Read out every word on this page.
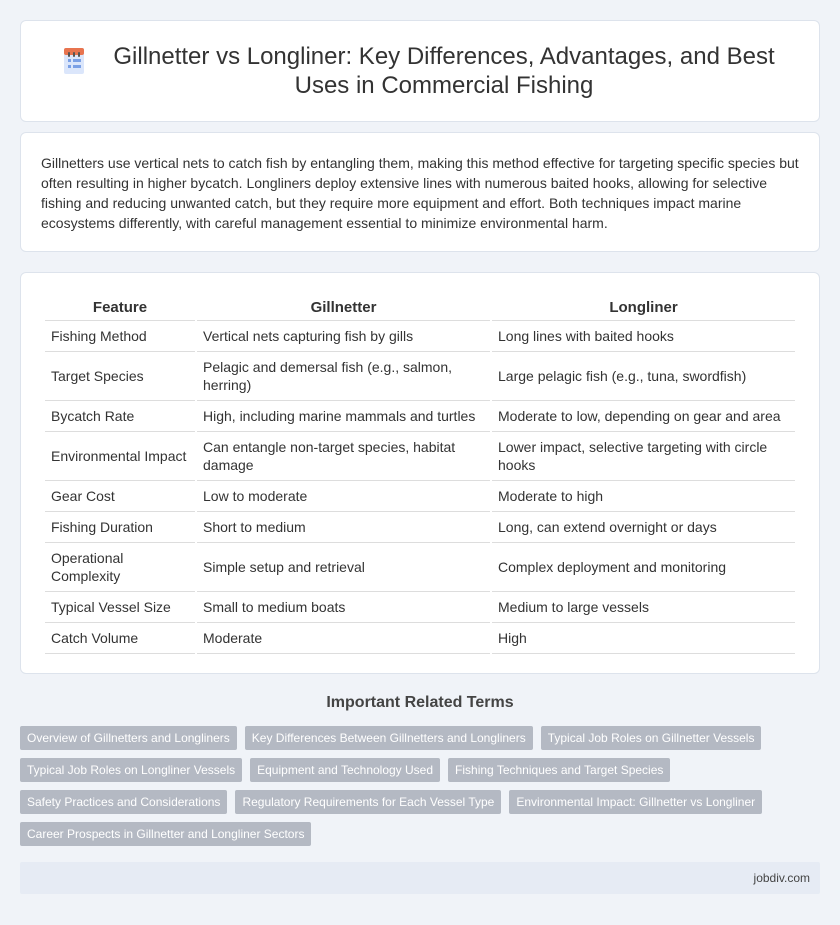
Gillnetter vs Longliner: Key Differences, Advantages, and Best Uses in Commercial Fishing

Gillnetters use vertical nets to catch fish by entangling them, making this method effective for targeting specific species but often resulting in higher bycatch. Longliners deploy extensive lines with numerous baited hooks, allowing for selective fishing and reducing unwanted catch, but they require more equipment and effort. Both techniques impact marine ecosystems differently, with careful management essential to minimize environmental harm.

Feature	Gillnetter	Longliner
Fishing Method	Vertical nets capturing fish by gills	Long lines with baited hooks
Target Species	Pelagic and demersal fish (e.g., salmon, herring)	Large pelagic fish (e.g., tuna, swordfish)
Bycatch Rate	High, including marine mammals and turtles	Moderate to low, depending on gear and area
Environmental Impact	Can entangle non-target species, habitat damage	Lower impact, selective targeting with circle hooks
Gear Cost	Low to moderate	Moderate to high
Fishing Duration	Short to medium	Long, can extend overnight or days
Operational Complexity	Simple setup and retrieval	Complex deployment and monitoring
Typical Vessel Size	Small to medium boats	Medium to large vessels
Catch Volume	Moderate	High
Important Related Terms
Overview of Gillnetters and Longliners	Key Differences Between Gillnetters and Longliners	Typical Job Roles on Gillnetter Vessels
Typical Job Roles on Longliner Vessels	Equipment and Technology Used	Fishing Techniques and Target Species
Safety Practices and Considerations	Regulatory Requirements for Each Vessel Type	Environmental Impact: Gillnetter vs Longliner
Career Prospects in Gillnetter and Longliner Sectors
jobdiv.com
